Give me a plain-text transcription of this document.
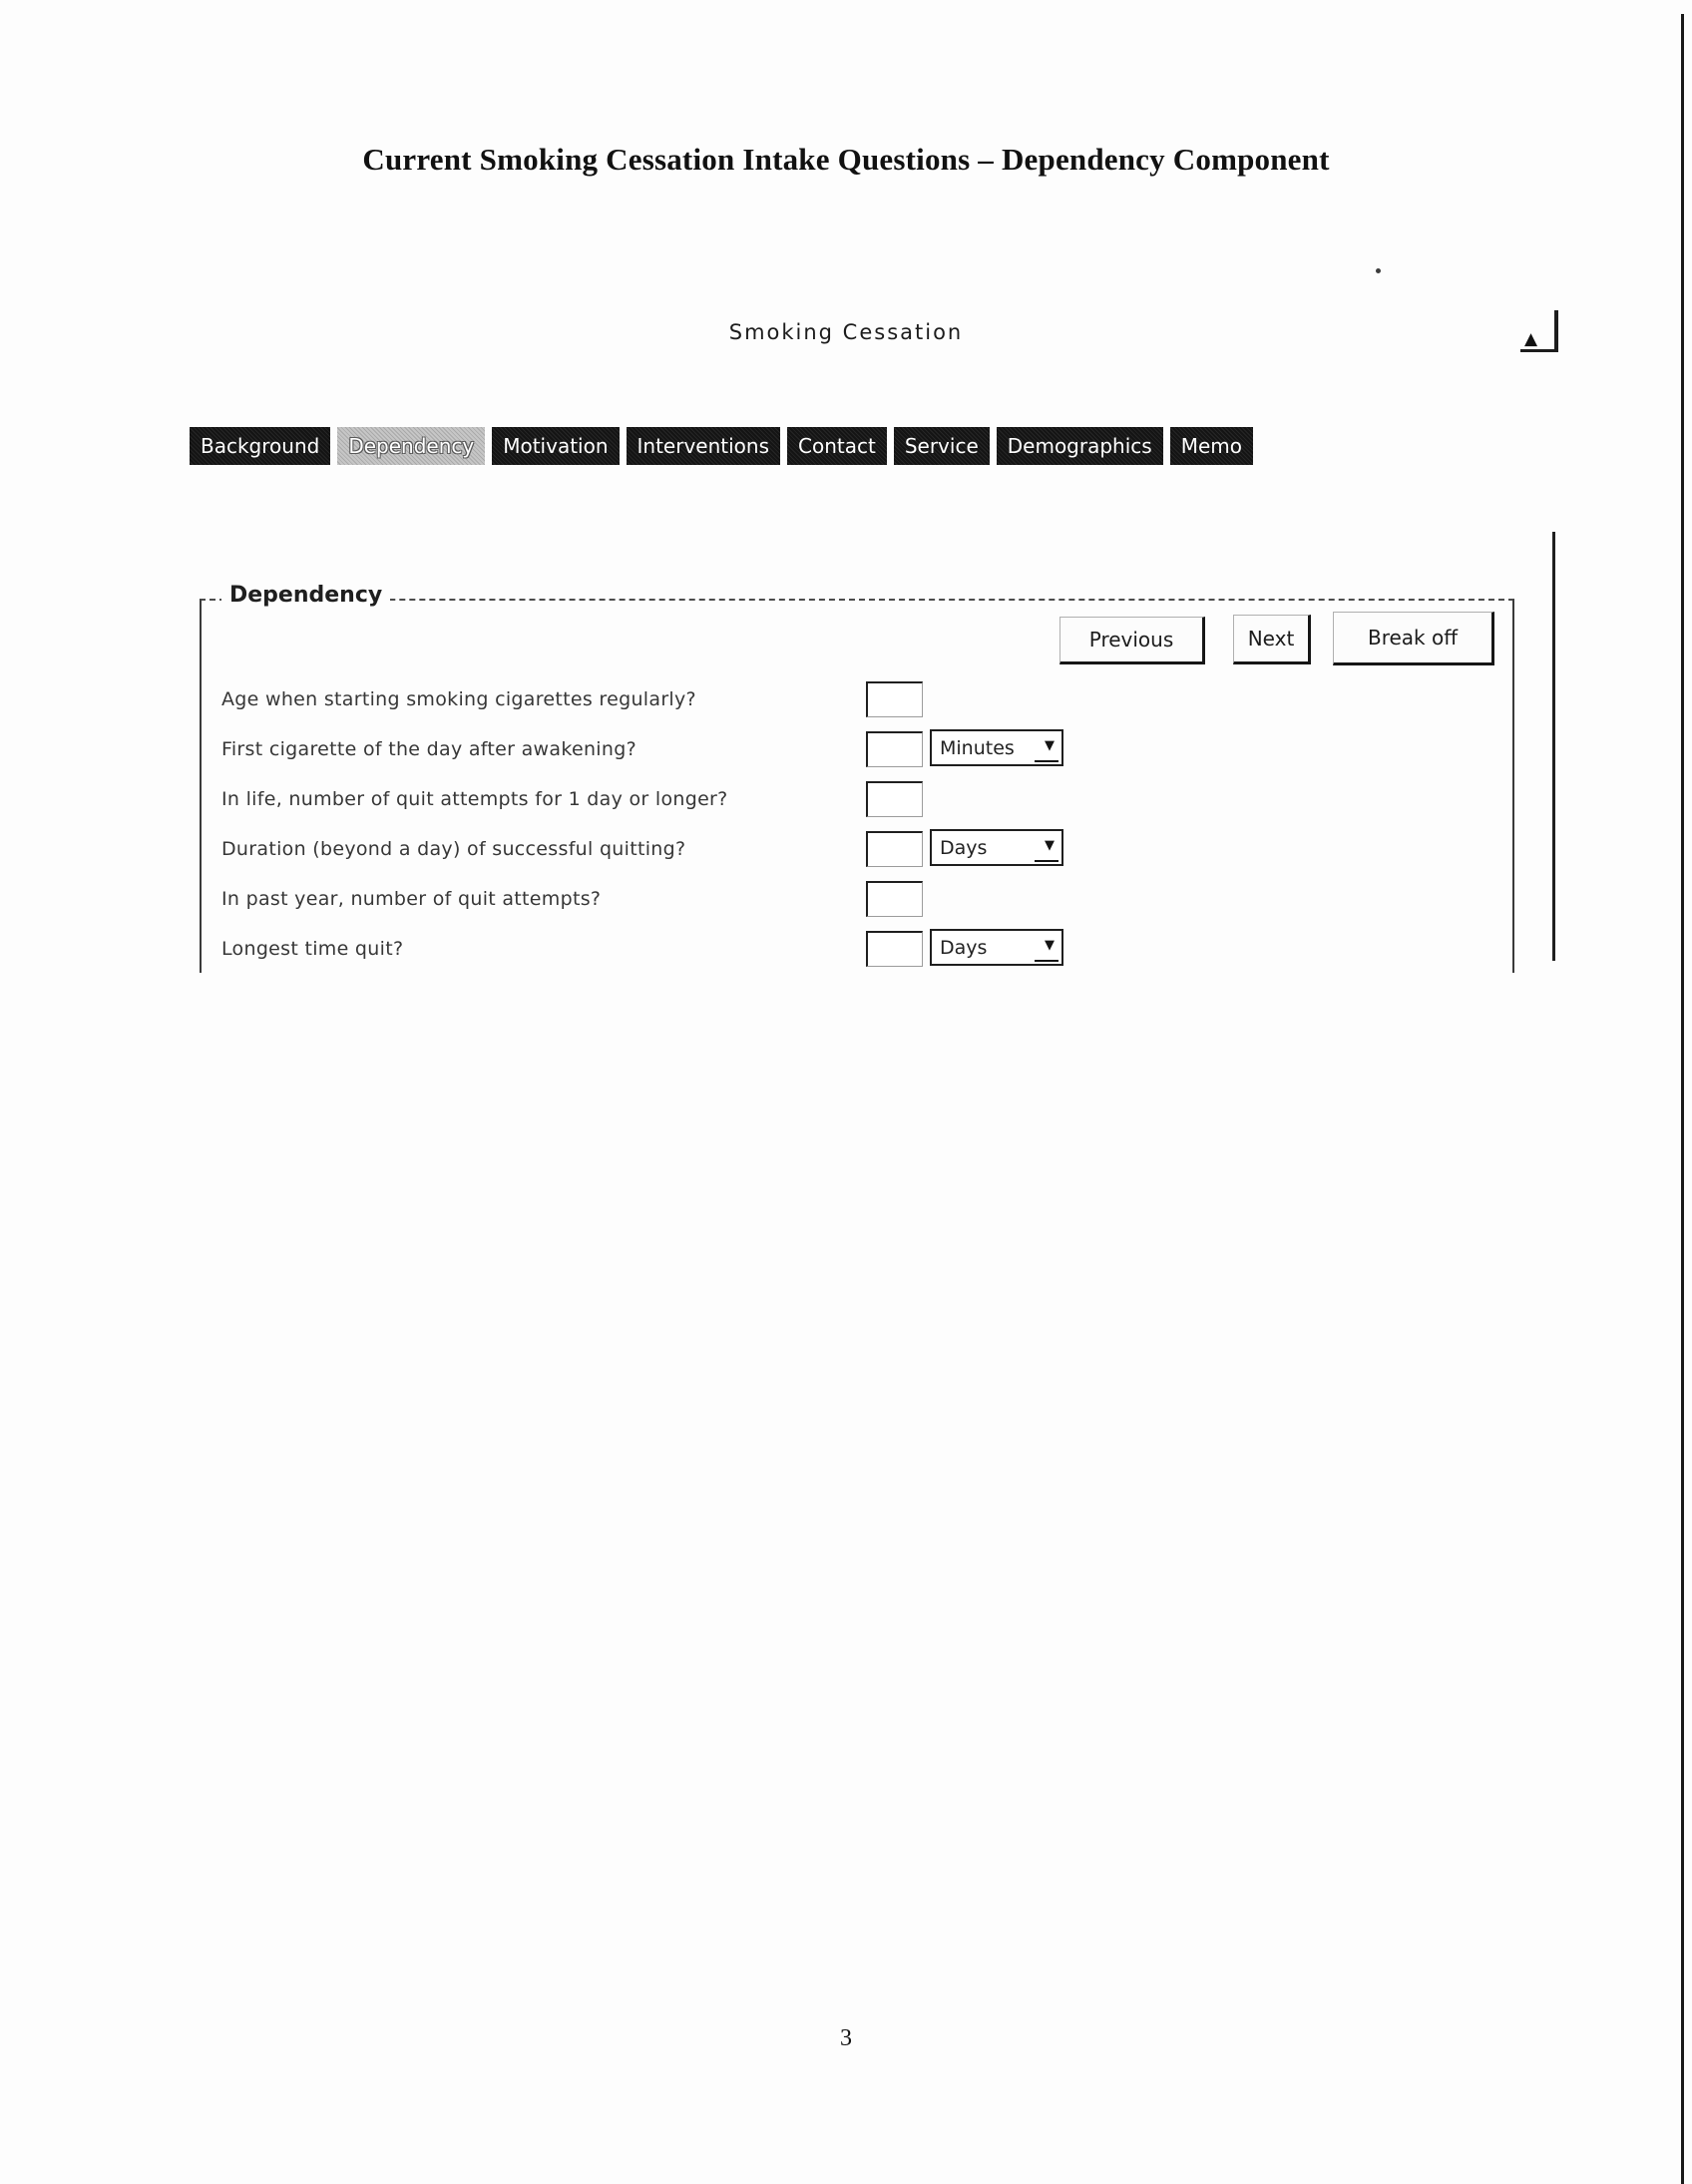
Current Smoking Cessation Intake Questions – Dependency Component
Smoking Cessation	▲
Background	Dependency	Motivation	Interventions	Contact	Service	Demographics	Memo
Dependency
Previous	Next	Break off
Age when starting smoking cigarettes regularly?
First cigarette of the day after awakening?	Minutes ▼
In life, number of quit attempts for 1 day or longer?
Duration (beyond a day) of successful quitting?	Days	▼
In past year, number of quit attempts?
Longest time quit?	Days	▼
3
